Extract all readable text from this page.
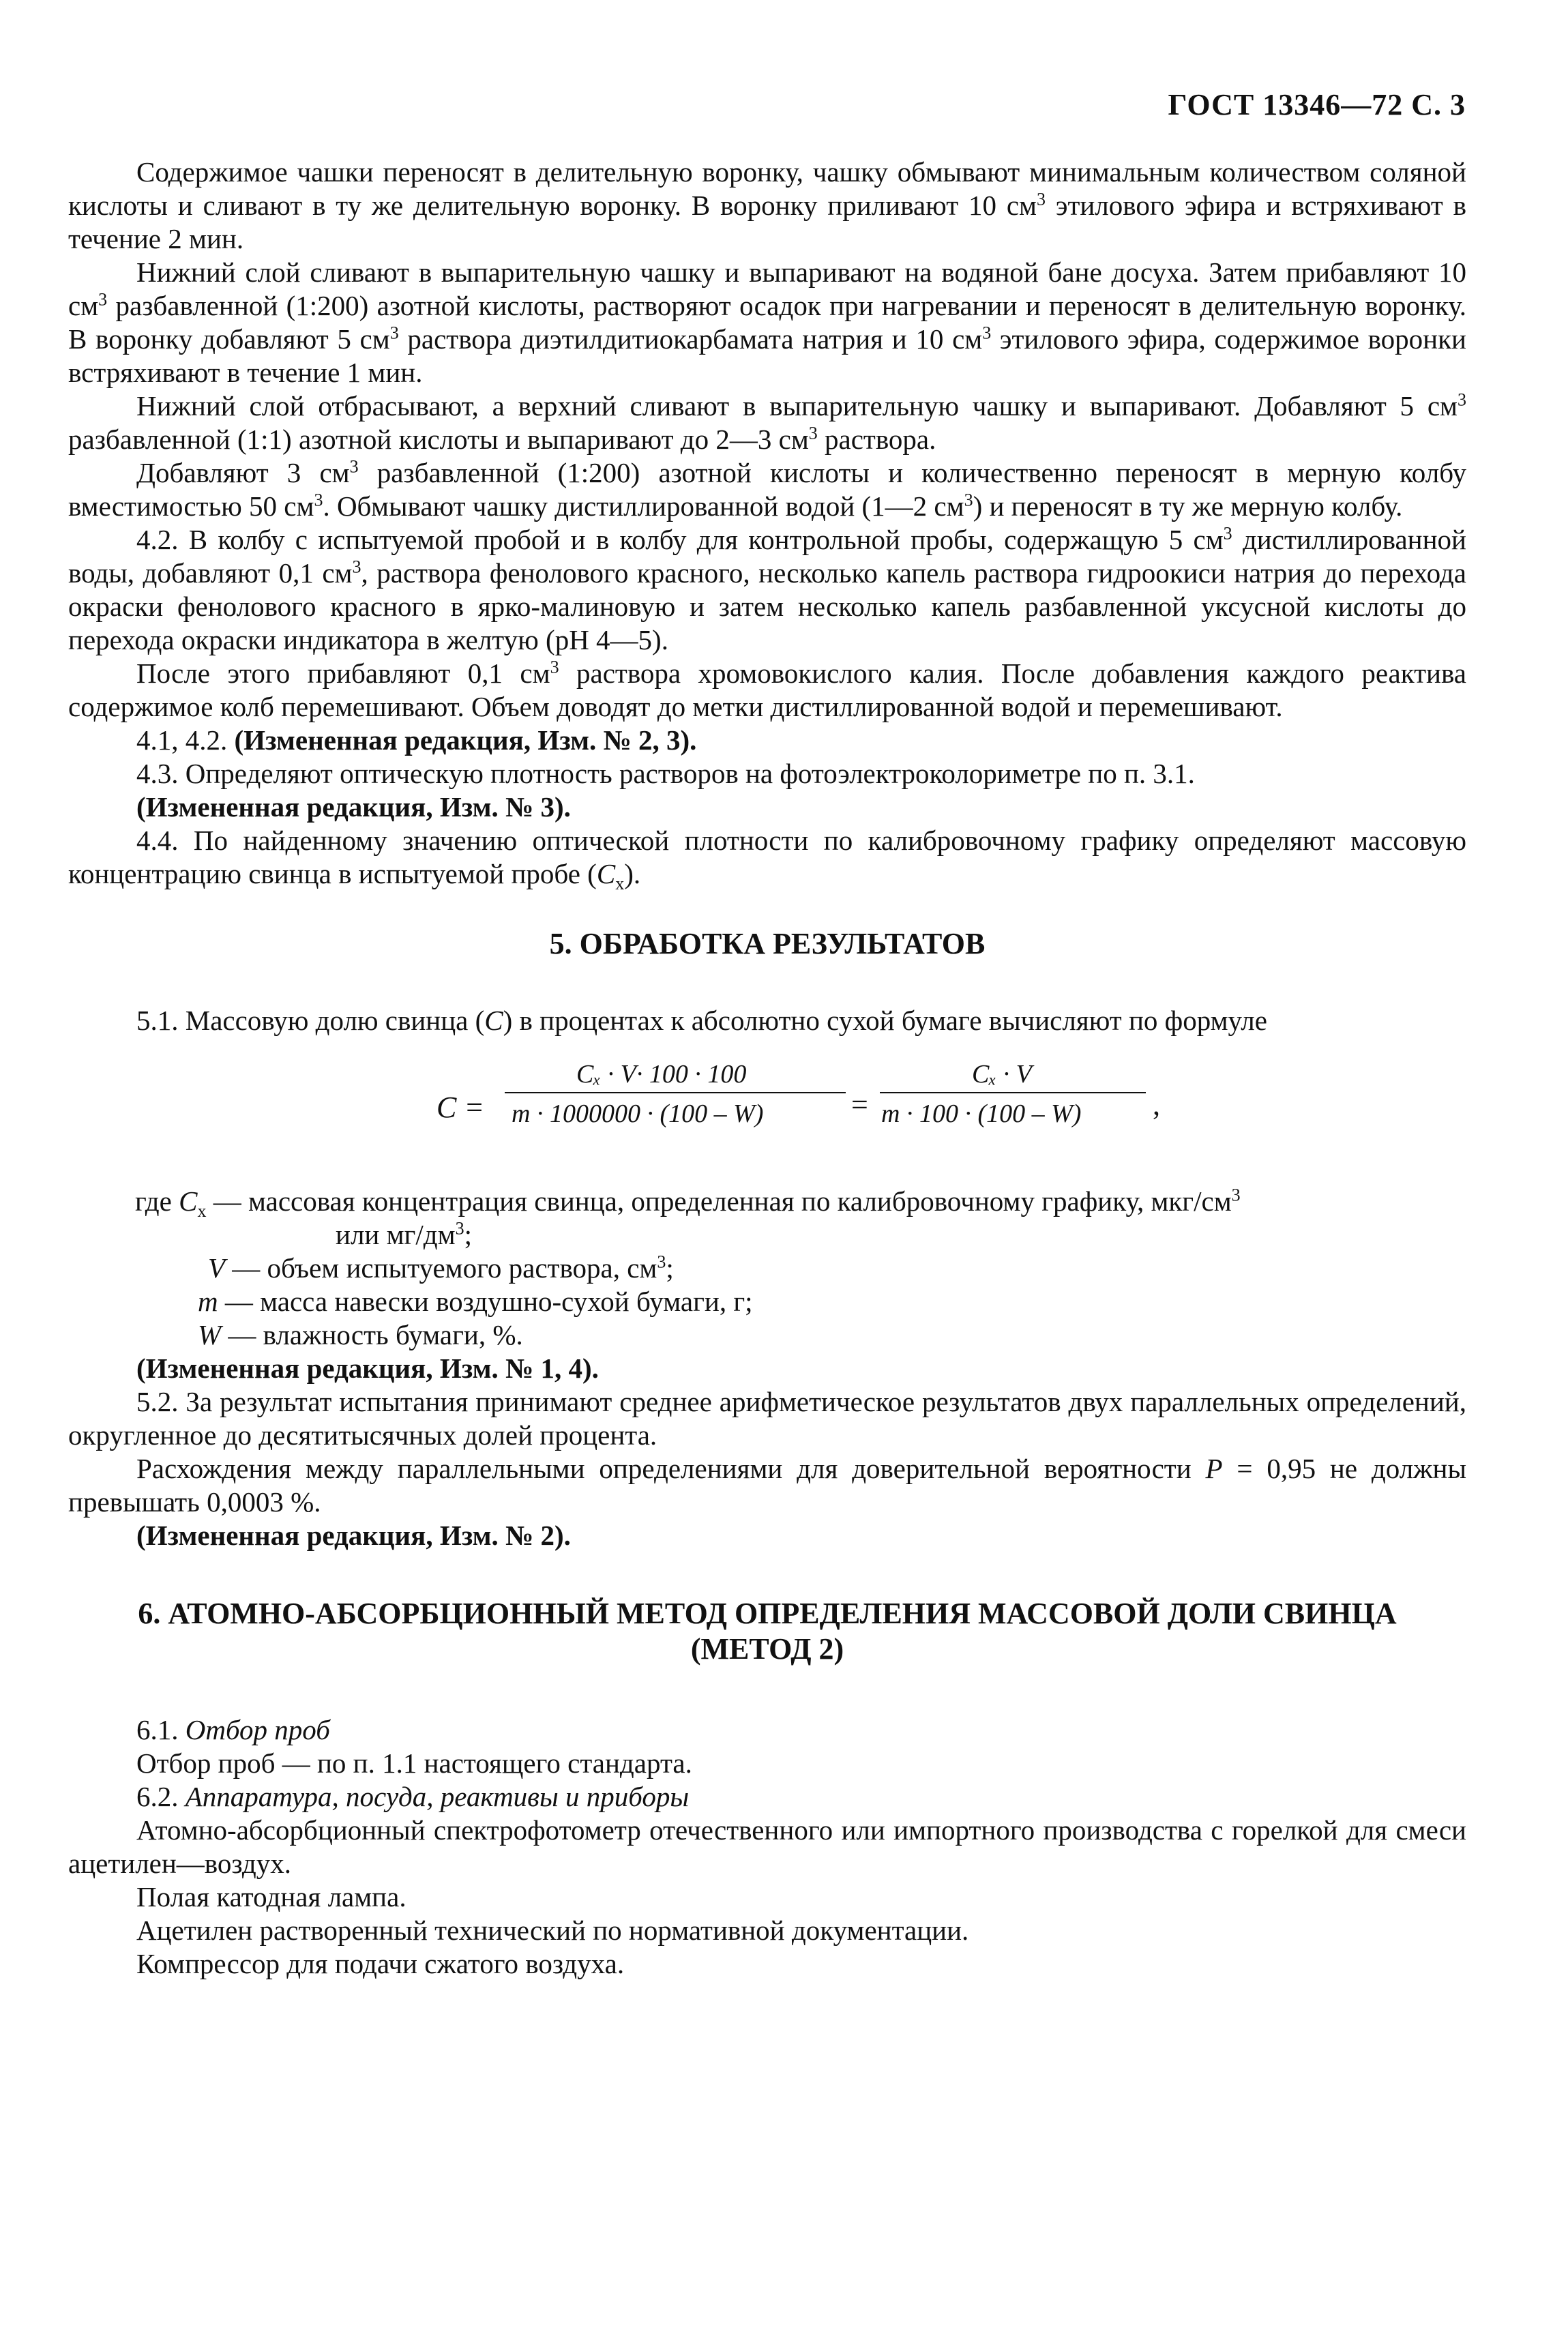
ГОСТ 13346—72 С. 3

Содержимое чашки переносят в делительную воронку, чашку обмывают минимальным количеством соляной кислоты и сливают в ту же делительную воронку. В воронку приливают 10 $см^3$ этилового эфира и встряхивают в течение 2 мин.

Нижний слой сливают в выпарительную чашку и выпаривают на водяной бане досуха. Затем прибавляют 10 $см^3$ разбавленной (1:200) азотной кислоты, растворяют осадок при нагревании и переносят в делительную воронку. В воронку добавляют 5 $см^3$ раствора диэтилдитиокарбамата натрия и 10 $см^3$ этилового эфира, содержимое воронки встряхивают в течение 1 мин.

Нижний слой отбрасывают, а верхний сливают в выпарительную чашку и выпаривают. Добавляют 5 $см^3$ разбавленной (1:1) азотной кислоты и выпаривают до 2—3 $см^3$ раствора.

Добавляют 3 $см^3$ разбавленной (1:200) азотной кислоты и количественно переносят в мерную колбу вместимостью 50 $см^3$. Обмывают чашку дистиллированной водой (1—2 $см^3$) и переносят в ту же мерную колбу.

4.2. В колбу с испытуемой пробой и в колбу для контрольной пробы, содержащую 5 $см^3$ дистиллированной воды, добавляют 0,1 $см^3$, раствора фенолового красного, несколько капель раствора гидроокиси натрия до перехода окраски фенолового красного в ярко-малиновую и затем несколько капель разбавленной уксусной кислоты до перехода окраски индикатора в желтую (рН 4—5).

После этого прибавляют 0,1 $см^3$ раствора хромовокислого калия. После добавления каждого реактива содержимое колб перемешивают. Объем доводят до метки дистиллированной водой и перемешивают.

4.1, 4.2. (Измененная редакция, Изм. № 2, 3).

4.3. Определяют оптическую плотность растворов на фотоэлектроколориметре по п. 3.1.

(Измененная редакция, Изм. № 3).

4.4. По найденному значению оптической плотности по калибровочному графику определяют массовую концентрацию свинца в испытуемой пробе $(C_x)$.

5. ОБРАБОТКА РЕЗУЛЬТАТОВ

5.1. Массовую долю свинца (C) в процентах к абсолютно сухой бумаге вычисляют по формуле

C =
Cₓ · V· 100 · 100
m · 1000000 · (100 – W)	=
Cₓ · V
m · 100 · (100 – W) ,
где $C_x$ — массовая концентрация свинца, определенная по калибровочному графику, мкг/$см^3$
или $мг/дм^3$;
V — объем испытуемого раствора, $см^3$;
m — масса навески воздушно-сухой бумаги, г;
W — влажность бумаги, %.

(Измененная редакция, Изм. № 1, 4).

5.2. За результат испытания принимают среднее арифметическое результатов двух параллельных определений, округленное до десятитысячных долей процента.

Расхождения между параллельными определениями для доверительной вероятности P = 0,95 не должны превышать 0,0003 %.

(Измененная редакция, Изм. № 2).

6. АТОМНО-АБСОРБЦИОННЫЙ МЕТОД ОПРЕДЕЛЕНИЯ МАССОВОЙ ДОЛИ СВИНЦА
(МЕТОД 2)

6.1. Отбор проб

Отбор проб — по п. 1.1 настоящего стандарта.

6.2. Аппаратура, посуда, реактивы и приборы

Атомно-абсорбционный спектрофотометр отечественного или импортного производства с горелкой для смеси ацетилен—воздух.

Полая катодная лампа.

Ацетилен растворенный технический по нормативной документации.

Компрессор для подачи сжатого воздуха.
